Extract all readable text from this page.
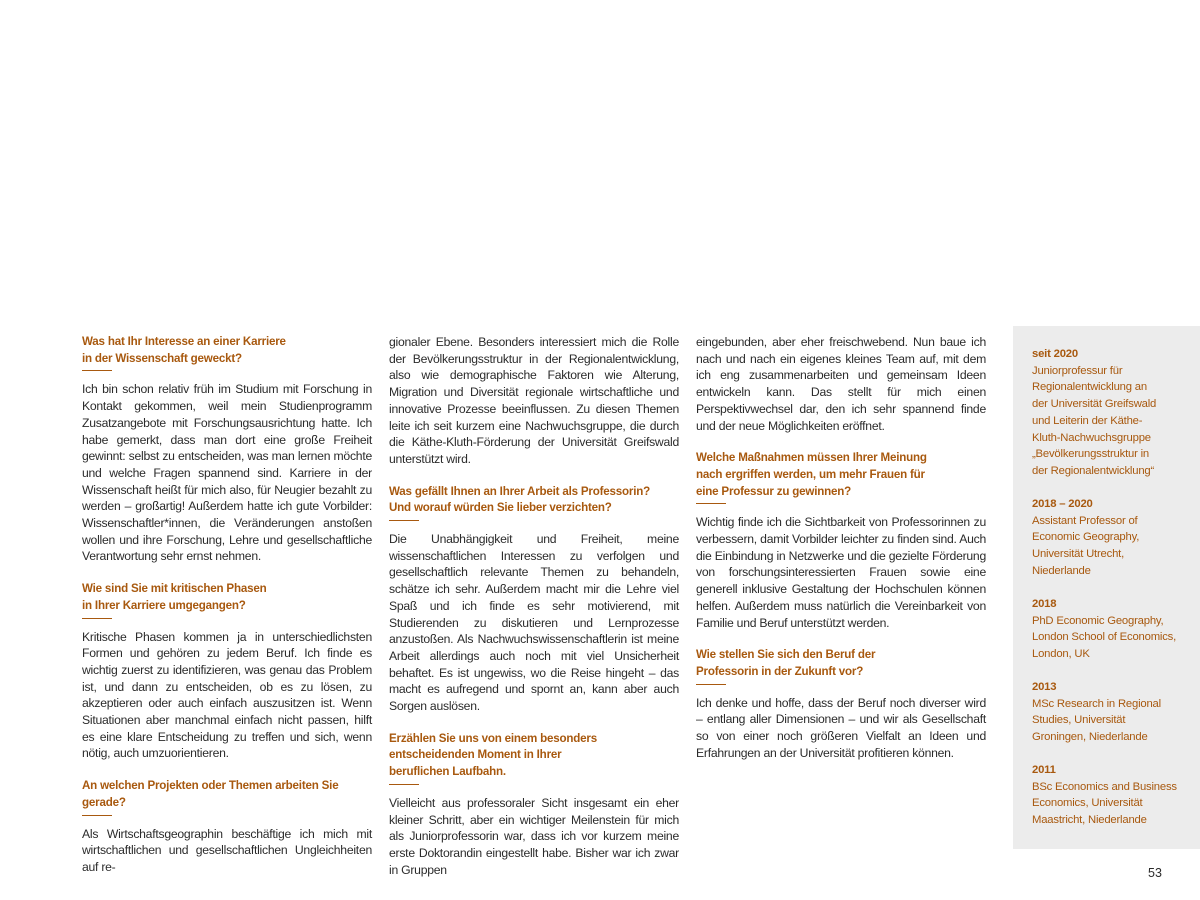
Was hat Ihr Interesse an einer Karriere
in der Wissenschaft geweckt?

Ich bin schon relativ früh im Studium mit Forschung in Kontakt gekommen, weil mein Studienprogramm Zusatzangebote mit Forschungsausrichtung hatte. Ich habe gemerkt, dass man dort eine große Freiheit gewinnt: selbst zu entscheiden, was man lernen möchte und welche Fragen spannend sind. Karriere in der Wissenschaft heißt für mich also, für Neugier bezahlt zu werden – großartig! Außerdem hatte ich gute Vorbilder: Wissenschaftler*innen, die Veränderungen anstoßen wollen und ihre Forschung, Lehre und gesellschaftliche Verantwortung sehr ernst nehmen.

Wie sind Sie mit kritischen Phasen
in Ihrer Karriere umgegangen?

Kritische Phasen kommen ja in unterschiedlichsten Formen und gehören zu jedem Beruf. Ich finde es wichtig zuerst zu identifizieren, was genau das Problem ist, und dann zu entscheiden, ob es zu lösen, zu akzeptieren oder auch einfach auszusitzen ist. Wenn Situationen aber manchmal einfach nicht passen, hilft es eine klare Entscheidung zu treffen und sich, wenn nötig, auch umzuorientieren.

An welchen Projekten oder Themen arbeiten Sie gerade?

Als Wirtschaftsgeographin beschäftige ich mich mit wirtschaftlichen und gesellschaftlichen Ungleichheiten auf re-

gionaler Ebene. Besonders interessiert mich die Rolle der Bevölkerungsstruktur in der Regionalentwicklung, also wie demographische Faktoren wie Alterung, Migration und Diversität regionale wirtschaftliche und innovative Prozesse beeinflussen. Zu diesen Themen leite ich seit kurzem eine Nachwuchsgruppe, die durch die Käthe-Kluth-Förderung der Universität Greifswald unterstützt wird.

Was gefällt Ihnen an Ihrer Arbeit als Professorin?
Und worauf würden Sie lieber verzichten?

Die Unabhängigkeit und Freiheit, meine wissenschaftlichen Interessen zu verfolgen und gesellschaftlich relevante Themen zu behandeln, schätze ich sehr. Außerdem macht mir die Lehre viel Spaß und ich finde es sehr motivierend, mit Studierenden zu diskutieren und Lernprozesse anzustoßen. Als Nachwuchswissenschaftlerin ist meine Arbeit allerdings auch noch mit viel Unsicherheit behaftet. Es ist ungewiss, wo die Reise hingeht – das macht es aufregend und spornt an, kann aber auch Sorgen auslösen.

Erzählen Sie uns von einem besonders
entscheidenden Moment in Ihrer
beruflichen Laufbahn.

Vielleicht aus professoraler Sicht insgesamt ein eher kleiner Schritt, aber ein wichtiger Meilenstein für mich als Juniorprofessorin war, dass ich vor kurzem meine erste Doktorandin eingestellt habe. Bisher war ich zwar in Gruppen

eingebunden, aber eher freischwebend. Nun baue ich nach und nach ein eigenes kleines Team auf, mit dem ich eng zusammenarbeiten und gemeinsam Ideen entwickeln kann. Das stellt für mich einen Perspektivwechsel dar, den ich sehr spannend finde und der neue Möglichkeiten eröffnet.

Welche Maßnahmen müssen Ihrer Meinung
nach ergriffen werden, um mehr Frauen für
eine Professur zu gewinnen?

Wichtig finde ich die Sichtbarkeit von Professorinnen zu verbessern, damit Vorbilder leichter zu finden sind. Auch die Einbindung in Netzwerke und die gezielte Förderung von forschungsinteressierten Frauen sowie eine generell inklusive Gestaltung der Hochschulen können helfen. Außerdem muss natürlich die Vereinbarkeit von Familie und Beruf unterstützt werden.

Wie stellen Sie sich den Beruf der
Professorin in der Zukunft vor?

Ich denke und hoffe, dass der Beruf noch diverser wird – entlang aller Dimensionen – und wir als Gesellschaft so von einer noch größeren Vielfalt an Ideen und Erfahrungen an der Universität profitieren können.

seit 2020
Juniorprofessur für
Regionalentwicklung an
der Universität Greifswald
und Leiterin der Käthe-
Kluth-Nachwuchsgruppe
„Bevölkerungsstruktur in
der Regionalentwicklung“
2018 – 2020
Assistant Professor of
Economic Geography,
Universität Utrecht,
Niederlande
2018
PhD Economic Geography,
London School of Economics,
London, UK
2013
MSc Research in Regional
Studies, Universität
Groningen, Niederlande
2011
BSc Economics and Business
Economics, Universität
Maastricht, Niederlande
53
